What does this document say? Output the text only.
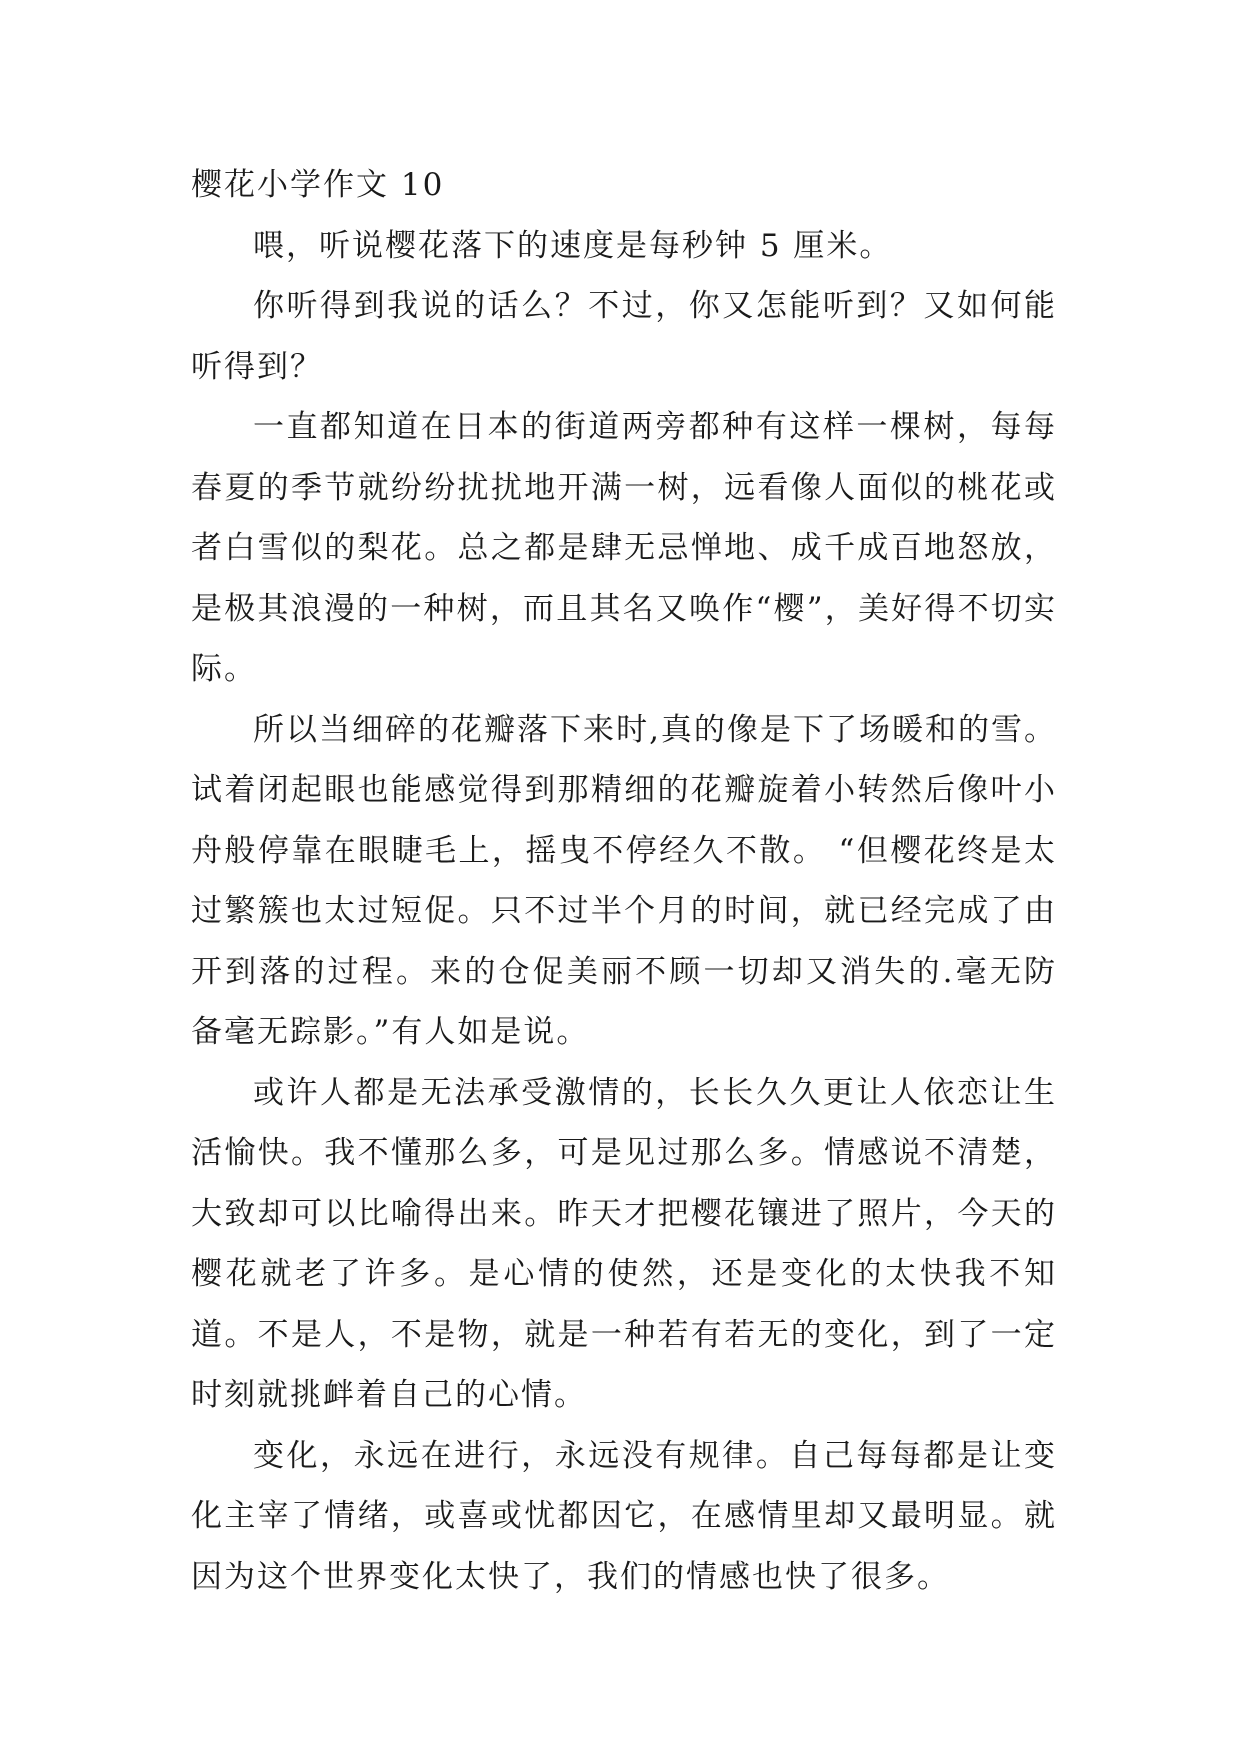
樱花小学作文 10

喂，听说樱花落下的速度是每秒钟 5 厘米。

你听得到我说的话么？不过，你又怎能听到？又如何能听得到？

一直都知道在日本的街道两旁都种有这样一棵树，每每春夏的季节就纷纷扰扰地开满一树，远看像人面似的桃花或者白雪似的梨花。总之都是肆无忌惮地、成千成百地怒放，是极其浪漫的一种树，而且其名又唤作“樱”，美好得不切实际。

所以当细碎的花瓣落下来时,真的像是下了场暖和的雪。试着闭起眼也能感觉得到那精细的花瓣旋着小转然后像叶小舟般停靠在眼睫毛上，摇曳不停经久不散。 “但樱花终是太过繁簇也太过短促。只不过半个月的时间，就已经完成了由开到落的过程。来的仓促美丽不顾一切却又消失的.毫无防备毫无踪影。”有人如是说。

或许人都是无法承受激情的，长长久久更让人依恋让生活愉快。我不懂那么多，可是见过那么多。情感说不清楚，大致却可以比喻得出来。昨天才把樱花镶进了照片，今天的樱花就老了许多。是心情的使然，还是变化的太快我不知道。不是人，不是物，就是一种若有若无的变化，到了一定时刻就挑衅着自己的心情。

变化，永远在进行，永远没有规律。自己每每都是让变化主宰了情绪，或喜或忧都因它，在感情里却又最明显。就因为这个世界变化太快了，我们的情感也快了很多。
